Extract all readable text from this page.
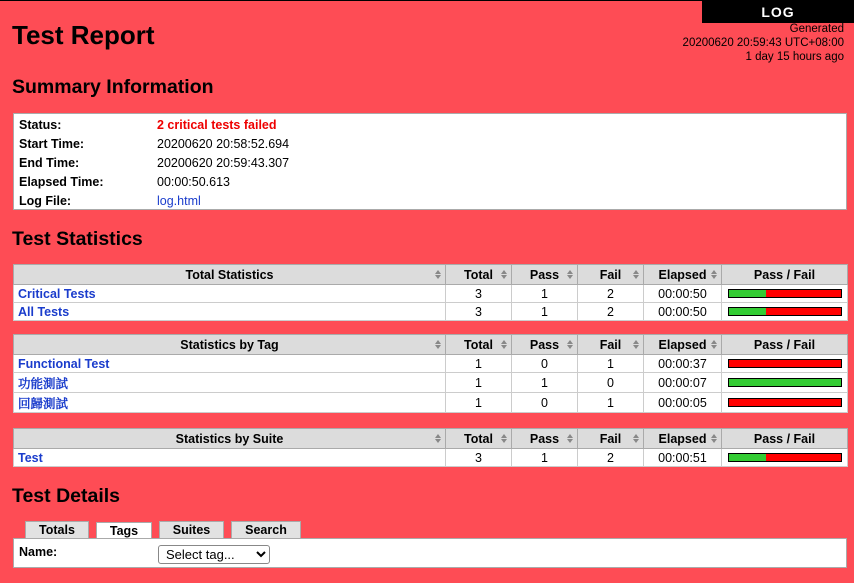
LOG
Test Report	Generated
20200620 20:59:43 UTC+08:00
1 day 15 hours ago
Summary Information
Status:	2 critical tests failed
Start Time:	20200620 20:58:52.694
End Time:	20200620 20:59:43.307
Elapsed Time:	00:00:50.613
Log File:	log.html
Test Statistics
Total Statistics	Total	Pass	Fail	Elapsed	Pass / Fail
Critical Tests	3	1	2	00:00:50	

All Tests	3	1	2	00:00:50	
Statistics by Tag	Total	Pass	Fail	Elapsed	Pass / Fail
Functional Test	1	0	1	00:00:37	

功能測試	1	1	0	00:00:07	

回歸測試	1	0	1	00:00:05	
Statistics by Suite	Total	Pass	Fail	Elapsed	Pass / Fail
Test	3	1	2	00:00:51	
Test Details
Totals	Tags	Suites	Search
Name:
Select tag...
